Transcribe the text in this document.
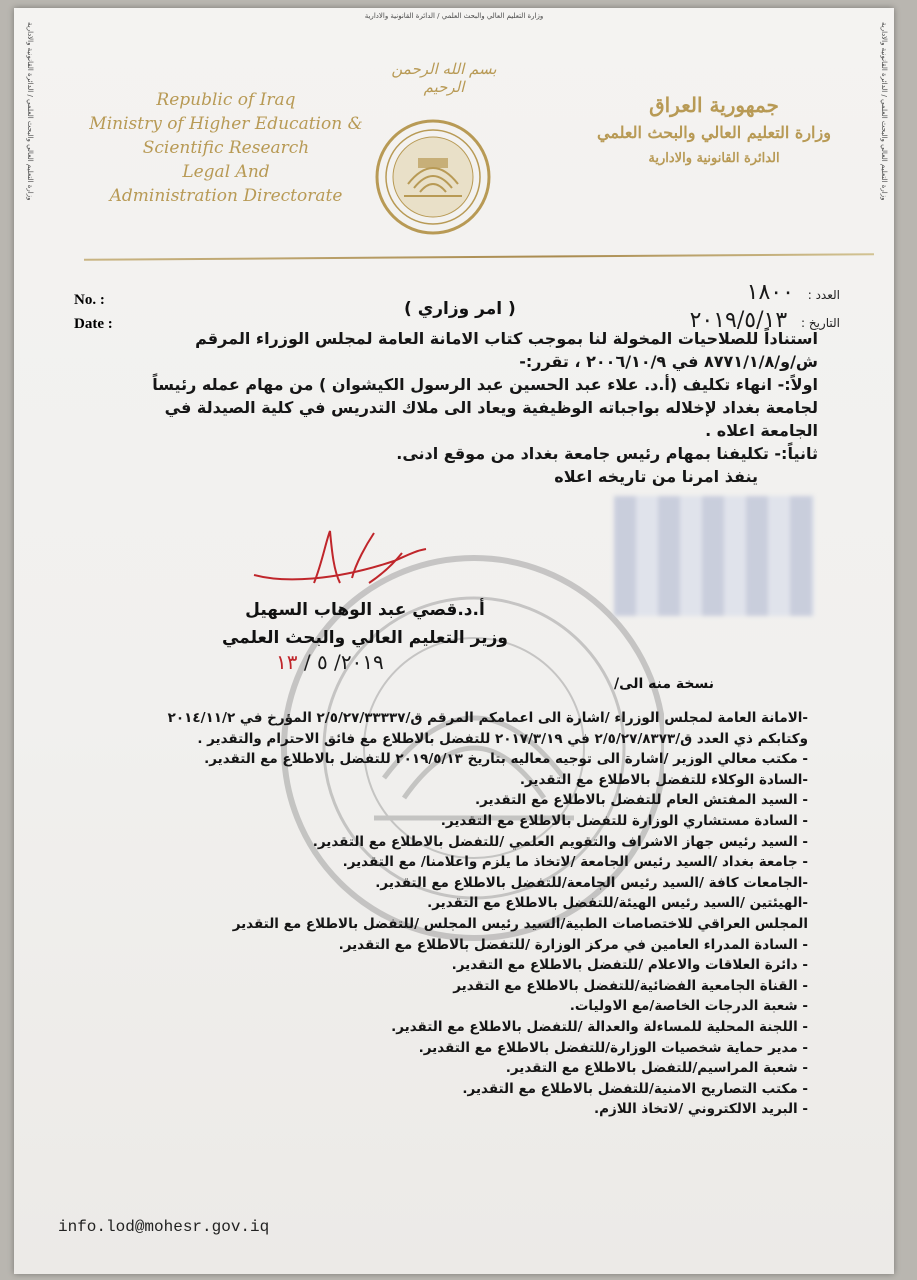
وزارة التعليم العالي والبحث العلمي / الدائرة القانونية والادارية
وزارة التعليم العالي والبحث العلمي / الدائرة القانونية والادارية	وزارة التعليم العالي والبحث العلمي / الدائرة القانونية والادارية
Republic of Iraq
Ministry of Higher Education &
Scientific Research
Legal And
Administration Directorate
بسم الله الرحمن الرحيم
جمهورية العراق
وزارة التعليم العالي والبحث العلمي
الدائرة القانونية والادارية
No. :
Date :
العدد : ١٨٠٠
التاريخ : ٢٠١٩/٥/١٣
( امر وزاري )

استناداً للصلاحيات المخولة لنا بموجب كتاب الامانة العامة لمجلس الوزراء المرقم

ش/و/٨٧٧١/١/٨ في ٢٠٠٦/١٠/٩ ، تقرر:-

اولاً:- انهاء تكليف (أ.د. علاء عبد الحسين عبد الرسول الكيشوان ) من مهام عمله رئيساً

لجامعة بغداد لإخلاله بواجباته الوظيفية ويعاد الى ملاك التدريس في كلية الصيدلة في

الجامعة اعلاه .

ثانياً:- تكليفنا بمهام رئيس جامعة بغداد من موقع ادنى.

ينفذ امرنا من تاريخه اعلاه

أ.د.قصي عبد الوهاب السهيل
وزير التعليم العالي والبحث العلمي
٢٠١٩/ ٥ / ١٣
نسخة منه الى/
-الامانة العامة لمجلس الوزراء /اشارة الى اعمامكم المرقم ق/٢/٥/٢٧/٣٣٣٣٧ المؤرخ في ٢٠١٤/١١/٢
وكتابكم ذي العدد ق/٢/٥/٢٧/٨٣٧٣ في ٢٠١٧/٣/١٩ للتفضل بالاطلاع مع فائق الاحترام والتقدير .
- مكتب معالي الوزير /اشارة الى توجيه معاليه بتاريخ ٢٠١٩/٥/١٣ للتفضل بالاطلاع مع التقدير.
-السادة الوكلاء للتفضل بالاطلاع مع التقدير.
- السيد المفتش العام للتفضل بالاطلاع مع التقدير.
- السادة مستشاري الوزارة للتفضل بالاطلاع مع التقدير.
- السيد رئيس جهاز الاشراف والتقويم العلمي /للتفضل بالاطلاع مع التقدير.
- جامعة بغداد /السيد رئيس الجامعة /لاتخاذ ما يلزم واعلامنا/ مع التقدير.
-الجامعات كافة /السيد رئيس الجامعة/للتفضل بالاطلاع مع التقدير.
-الهيئتين /السيد رئيس الهيئة/للتفضل بالاطلاع مع التقدير.
المجلس العراقي للاختصاصات الطبية/السيد رئيس المجلس /للتفضل بالاطلاع مع التقدير
- السادة المدراء العامين في مركز الوزارة /للتفضل بالاطلاع مع التقدير.
- دائرة العلاقات والاعلام /للتفضل بالاطلاع مع التقدير.
- القناة الجامعية الفضائية/للتفضل بالاطلاع مع التقدير
- شعبة الدرجات الخاصة/مع الاوليات.
- اللجنة المحلية للمساءلة والعدالة /للتفضل بالاطلاع مع التقدير.
- مدير حماية شخصيات الوزارة/للتفضل بالاطلاع مع التقدير.
- شعبة المراسيم/للتفضل بالاطلاع مع التقدير.
- مكتب التصاريح الامنية/للتفضل بالاطلاع مع التقدير.
- البريد الالكتروني /لاتخاذ اللازم.
info.lod@mohesr.gov.iq
